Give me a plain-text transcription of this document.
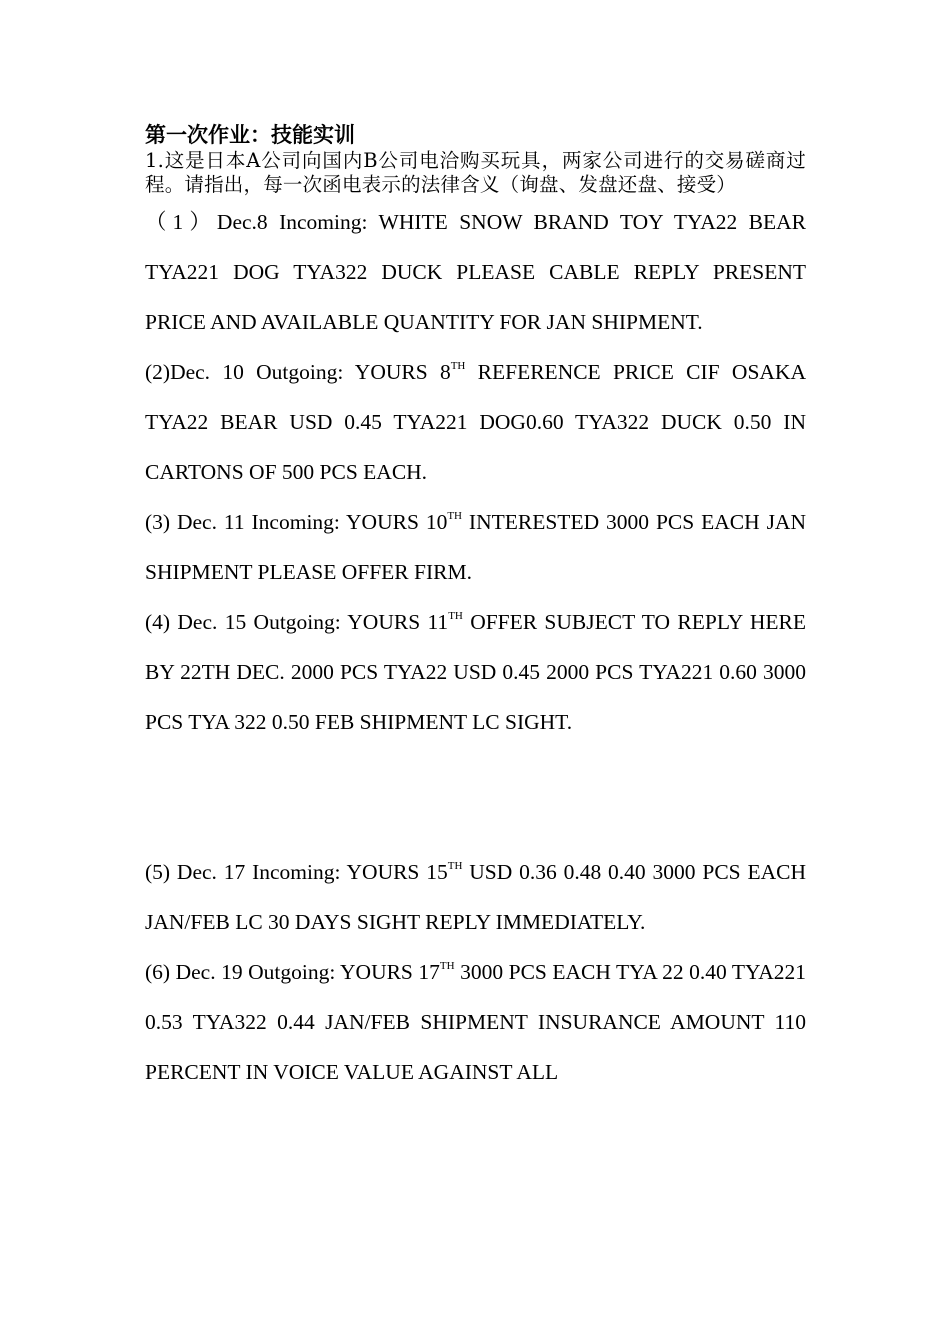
第一次作业：技能实训

1.这是日本A公司向国内B公司电洽购买玩具，两家公司进行的交易磋商过程。请指出，每一次函电表示的法律含义（询盘、发盘还盘、接受）

（1）Dec.8 Incoming: WHITE SNOW BRAND TOY TYA22 BEAR TYA221 DOG TYA322 DUCK PLEASE CABLE REPLY PRESENT PRICE AND AVAILABLE QUANTITY FOR JAN SHIPMENT.

(2)Dec. 10 Outgoing: YOURS 8TH REFERENCE PRICE CIF OSAKA TYA22 BEAR USD 0.45 TYA221 DOG0.60 TYA322 DUCK 0.50 IN CARTONS OF 500 PCS EACH.

(3) Dec. 11 Incoming: YOURS 10TH INTERESTED 3000 PCS EACH JAN SHIPMENT PLEASE OFFER FIRM.

(4) Dec. 15 Outgoing: YOURS 11TH OFFER SUBJECT TO REPLY HERE BY 22TH DEC. 2000 PCS TYA22 USD 0.45 2000 PCS TYA221 0.60 3000 PCS TYA 322 0.50 FEB SHIPMENT LC SIGHT.

(5) Dec. 17 Incoming: YOURS 15TH USD 0.36 0.48 0.40 3000 PCS EACH JAN/FEB LC 30 DAYS SIGHT REPLY IMMEDIATELY.

(6) Dec. 19 Outgoing: YOURS 17TH 3000 PCS EACH TYA 22 0.40 TYA221 0.53 TYA322 0.44 JAN/FEB SHIPMENT INSURANCE AMOUNT 110 PERCENT IN VOICE VALUE AGAINST ALL
